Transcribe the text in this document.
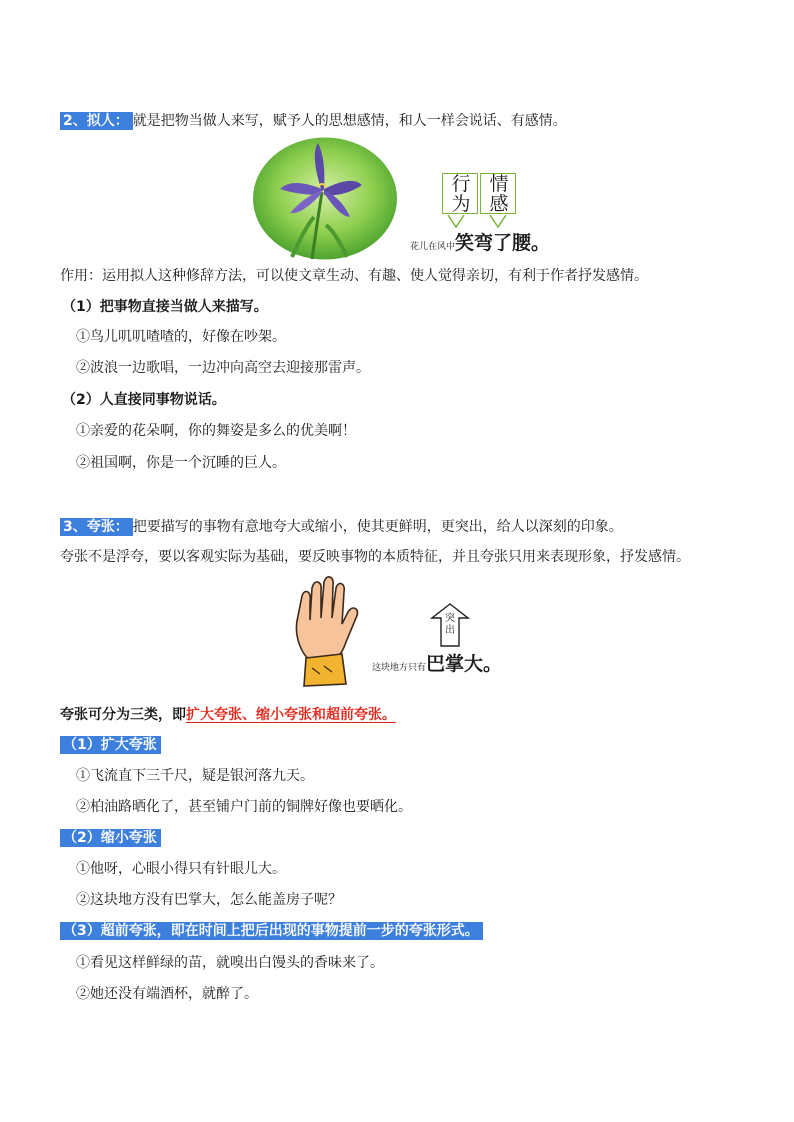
2、拟人： 就是把物当做人来写，赋予人的思想感情，和人一样会说话、有感情。
行
为
情
感
花儿在风中笑弯了腰。
作用：运用拟人这种修辞方法，可以使文章生动、有趣、使人觉得亲切，有利于作者抒发感情。
（1）把事物直接当做人来描写。
①鸟儿叽叽喳喳的，好像在吵架。
②波浪一边歌唱，一边冲向高空去迎接那雷声。
（2）人直接同事物说话。
①亲爱的花朵啊，你的舞姿是多么的优美啊！
②祖国啊，你是一个沉睡的巨人。
3、夸张： 把要描写的事物有意地夸大或缩小，使其更鲜明，更突出，给人以深刻的印象。
夸张不是浮夸，要以客观实际为基础，要反映事物的本质特征，并且夸张只用来表现形象，抒发感情。
突
出
这块地方只有巴掌大。
夸张可分为三类，即扩大夸张、缩小夸张和超前夸张。
（1）扩大夸张
①飞流直下三千尺，疑是银河落九天。
②柏油路晒化了，甚至铺户门前的铜牌好像也要晒化。
（2）缩小夸张
①他呀，心眼小得只有针眼儿大。
②这块地方没有巴掌大，怎么能盖房子呢？
（3）超前夸张，即在时间上把后出现的事物提前一步的夸张形式。
①看见这样鲜绿的苗，就嗅出白馒头的香味来了。
②她还没有端酒杯，就醉了。
